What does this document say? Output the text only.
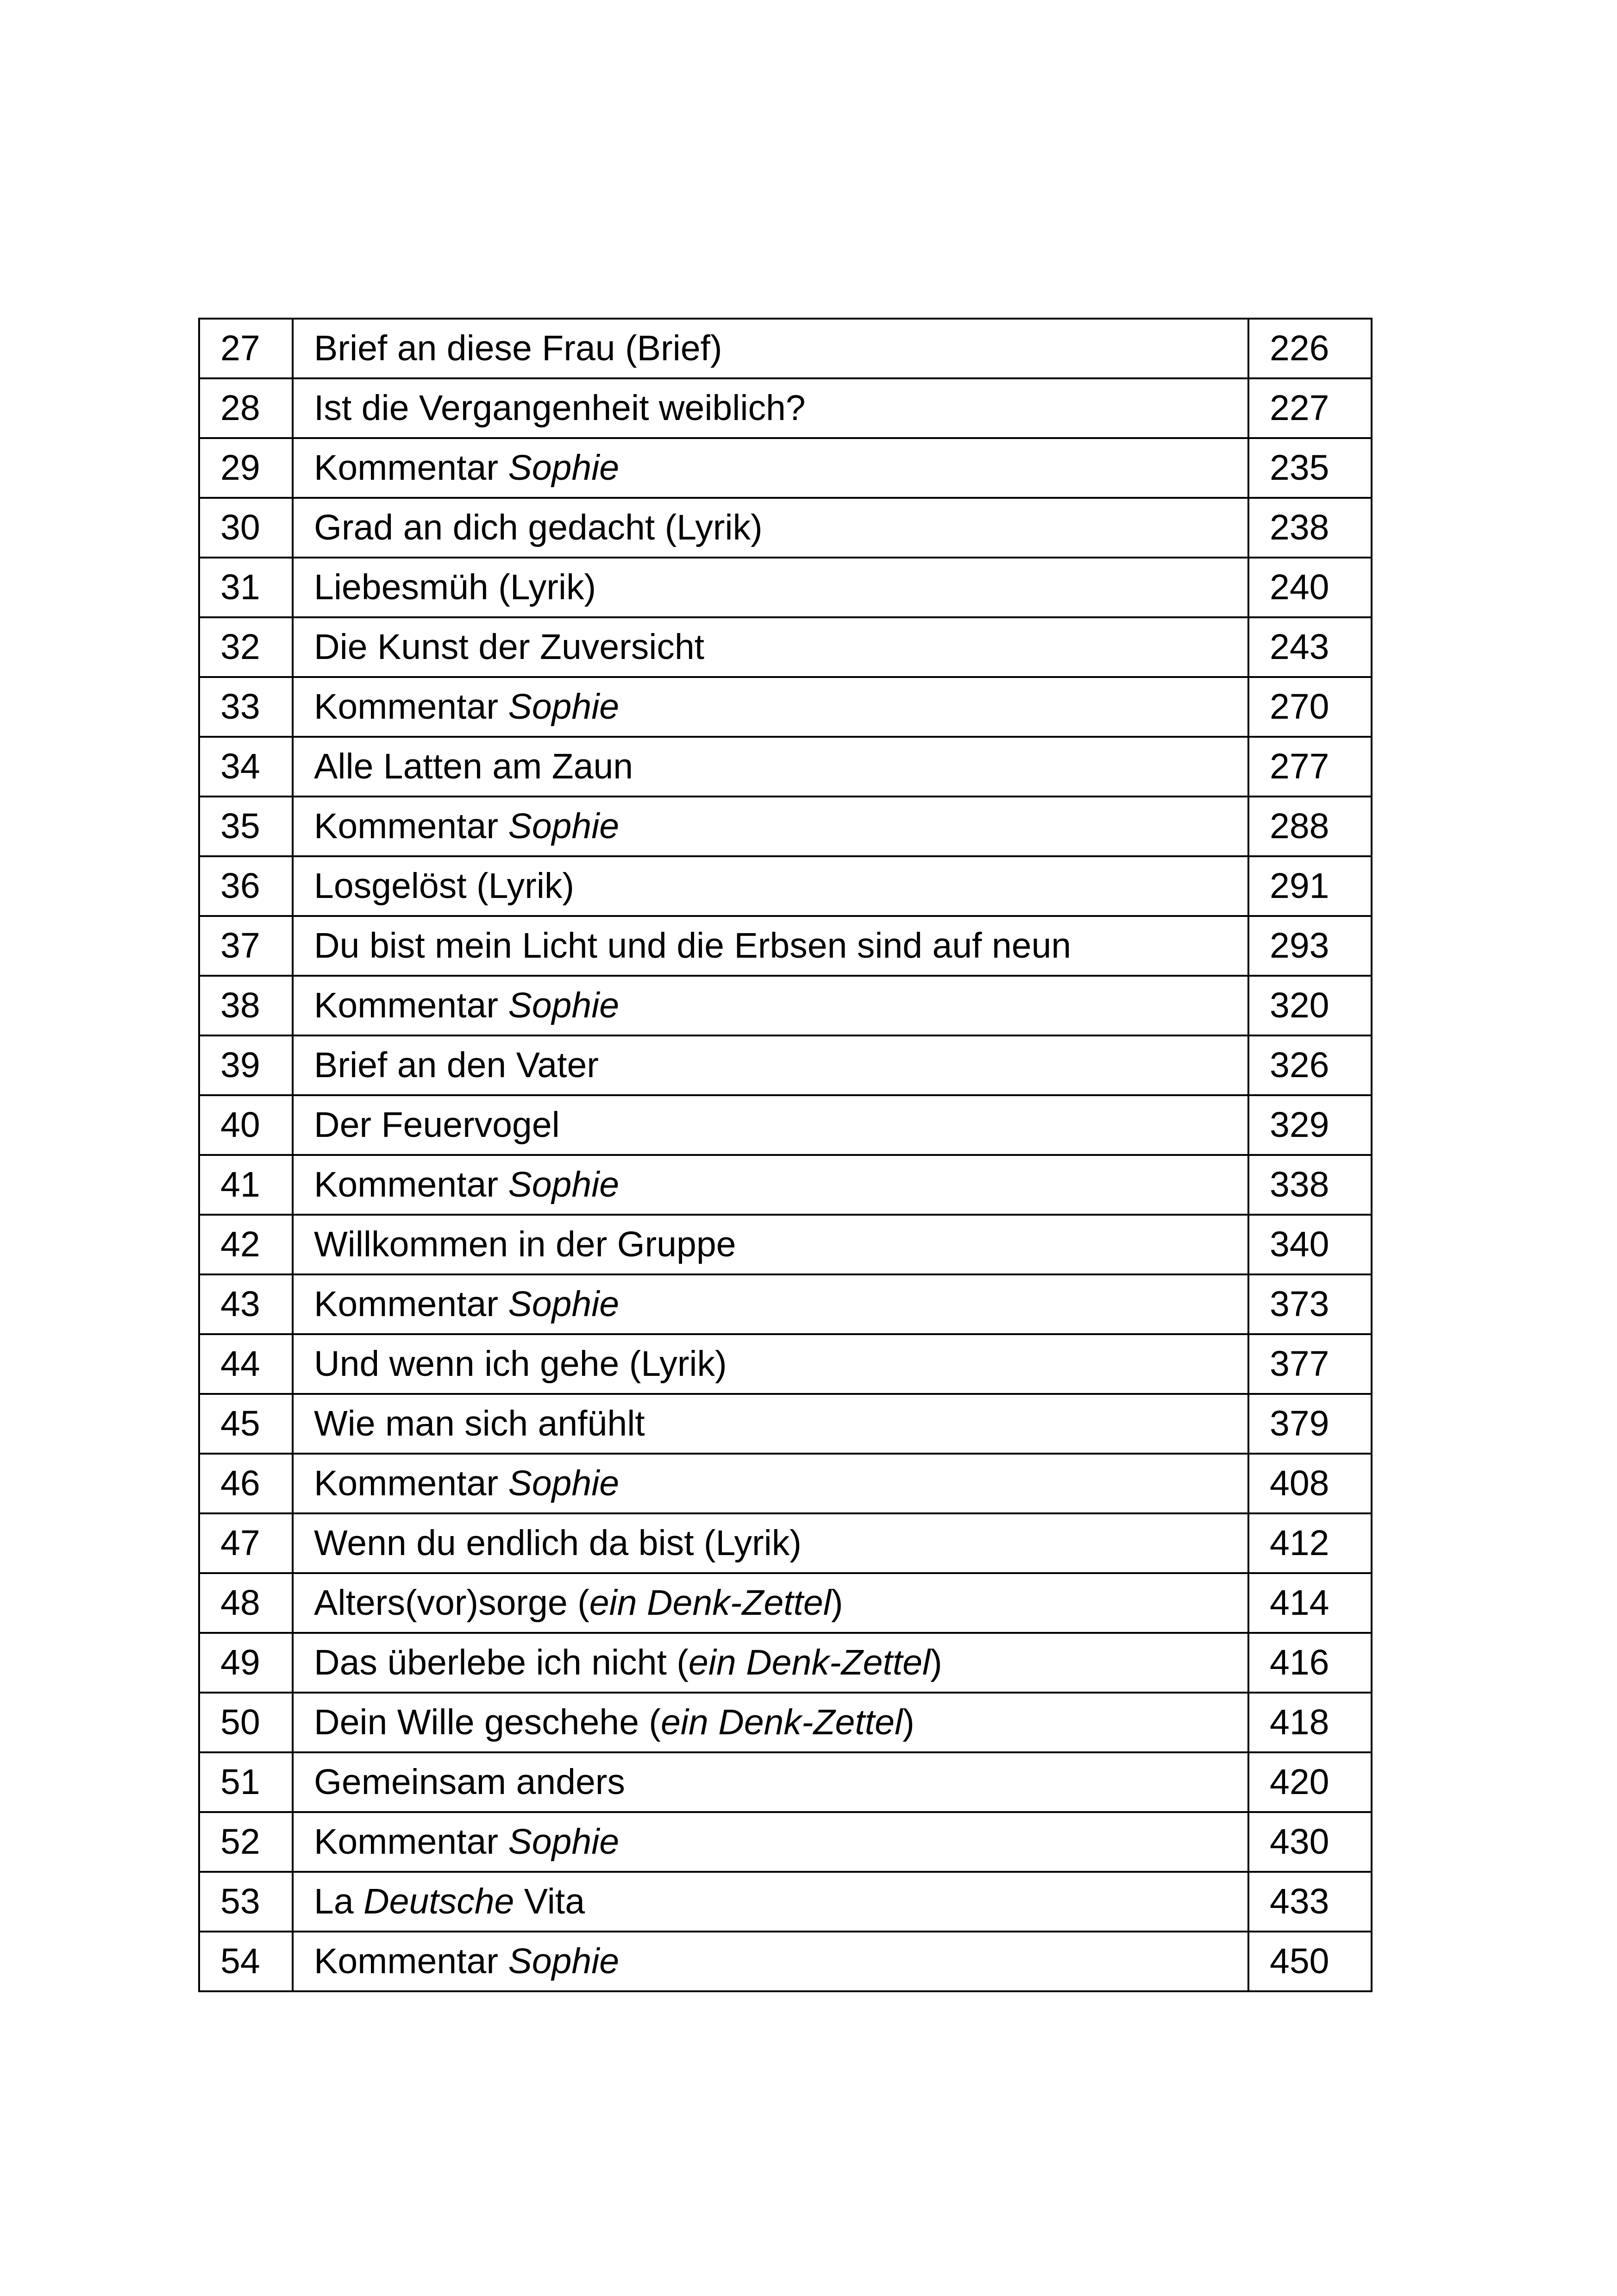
27	Brief an diese Frau (Brief)	226
28	Ist die Vergangenheit weiblich?	227
29	Kommentar Sophie	235
30	Grad an dich gedacht (Lyrik)	238
31	Liebesmüh (Lyrik)	240
32	Die Kunst der Zuversicht	243
33	Kommentar Sophie	270
34	Alle Latten am Zaun	277
35	Kommentar Sophie	288
36	Losgelöst (Lyrik)	291
37	Du bist mein Licht und die Erbsen sind auf neun	293
38	Kommentar Sophie	320
39	Brief an den Vater	326
40	Der Feuervogel	329
41	Kommentar Sophie	338
42	Willkommen in der Gruppe	340
43	Kommentar Sophie	373
44	Und wenn ich gehe (Lyrik)	377
45	Wie man sich anfühlt	379
46	Kommentar Sophie	408
47	Wenn du endlich da bist (Lyrik)	412
48	Alters(vor)sorge (ein Denk-Zettel)	414
49	Das überlebe ich nicht (ein Denk-Zettel)	416
50	Dein Wille geschehe (ein Denk-Zettel)	418
51	Gemeinsam anders	420
52	Kommentar Sophie	430
53	La Deutsche Vita	433
54	Kommentar Sophie	450
